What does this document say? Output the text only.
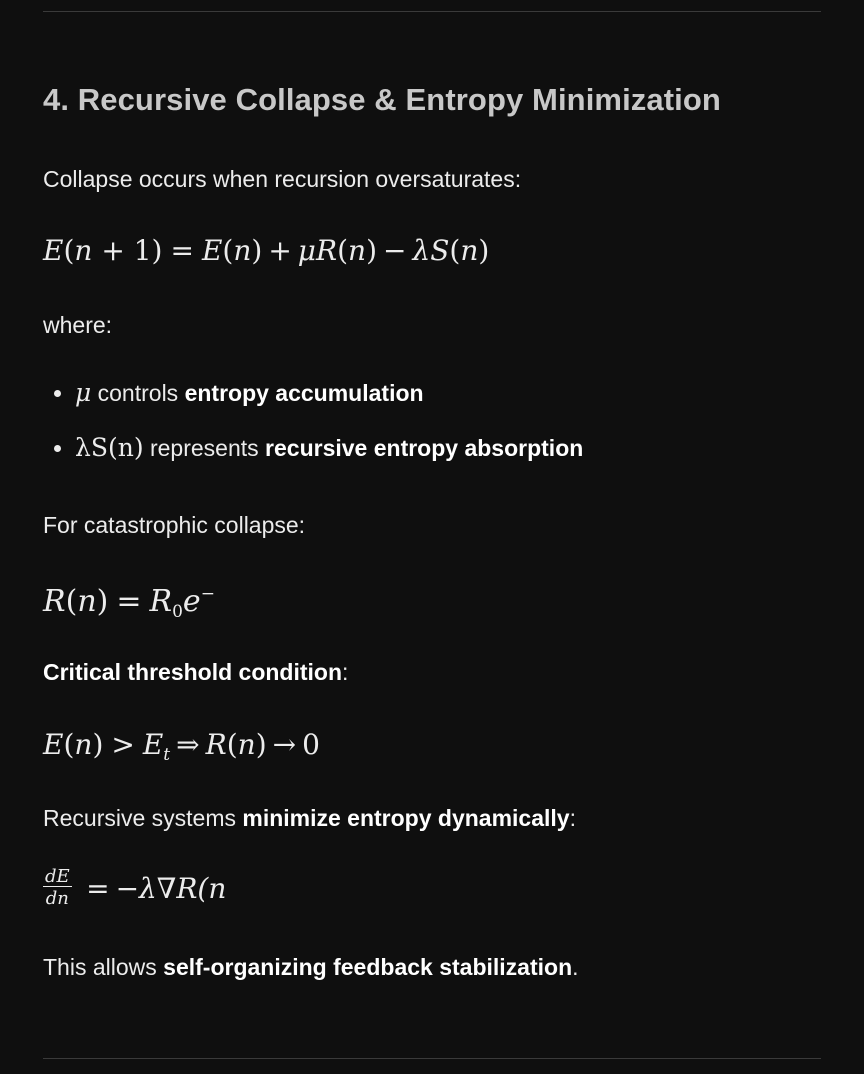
4. Recursive Collapse & Entropy Minimization

Collapse occurs when recursion oversaturates:

E(n + 1) = E(n) + μR(n) − λS(n)

where:

μ controls entropy accumulation
λS(n) represents recursive entropy absorption

For catastrophic collapse:

$R(n) = R_0e^-$

Critical threshold condition:

$E(n) > E_t$ ⇒ R(n) → 0

Recursive systems minimize entropy dynamically:

$\frac{dE}{dn} = -\lambda\nabla R(n$

This allows self-organizing feedback stabilization.
